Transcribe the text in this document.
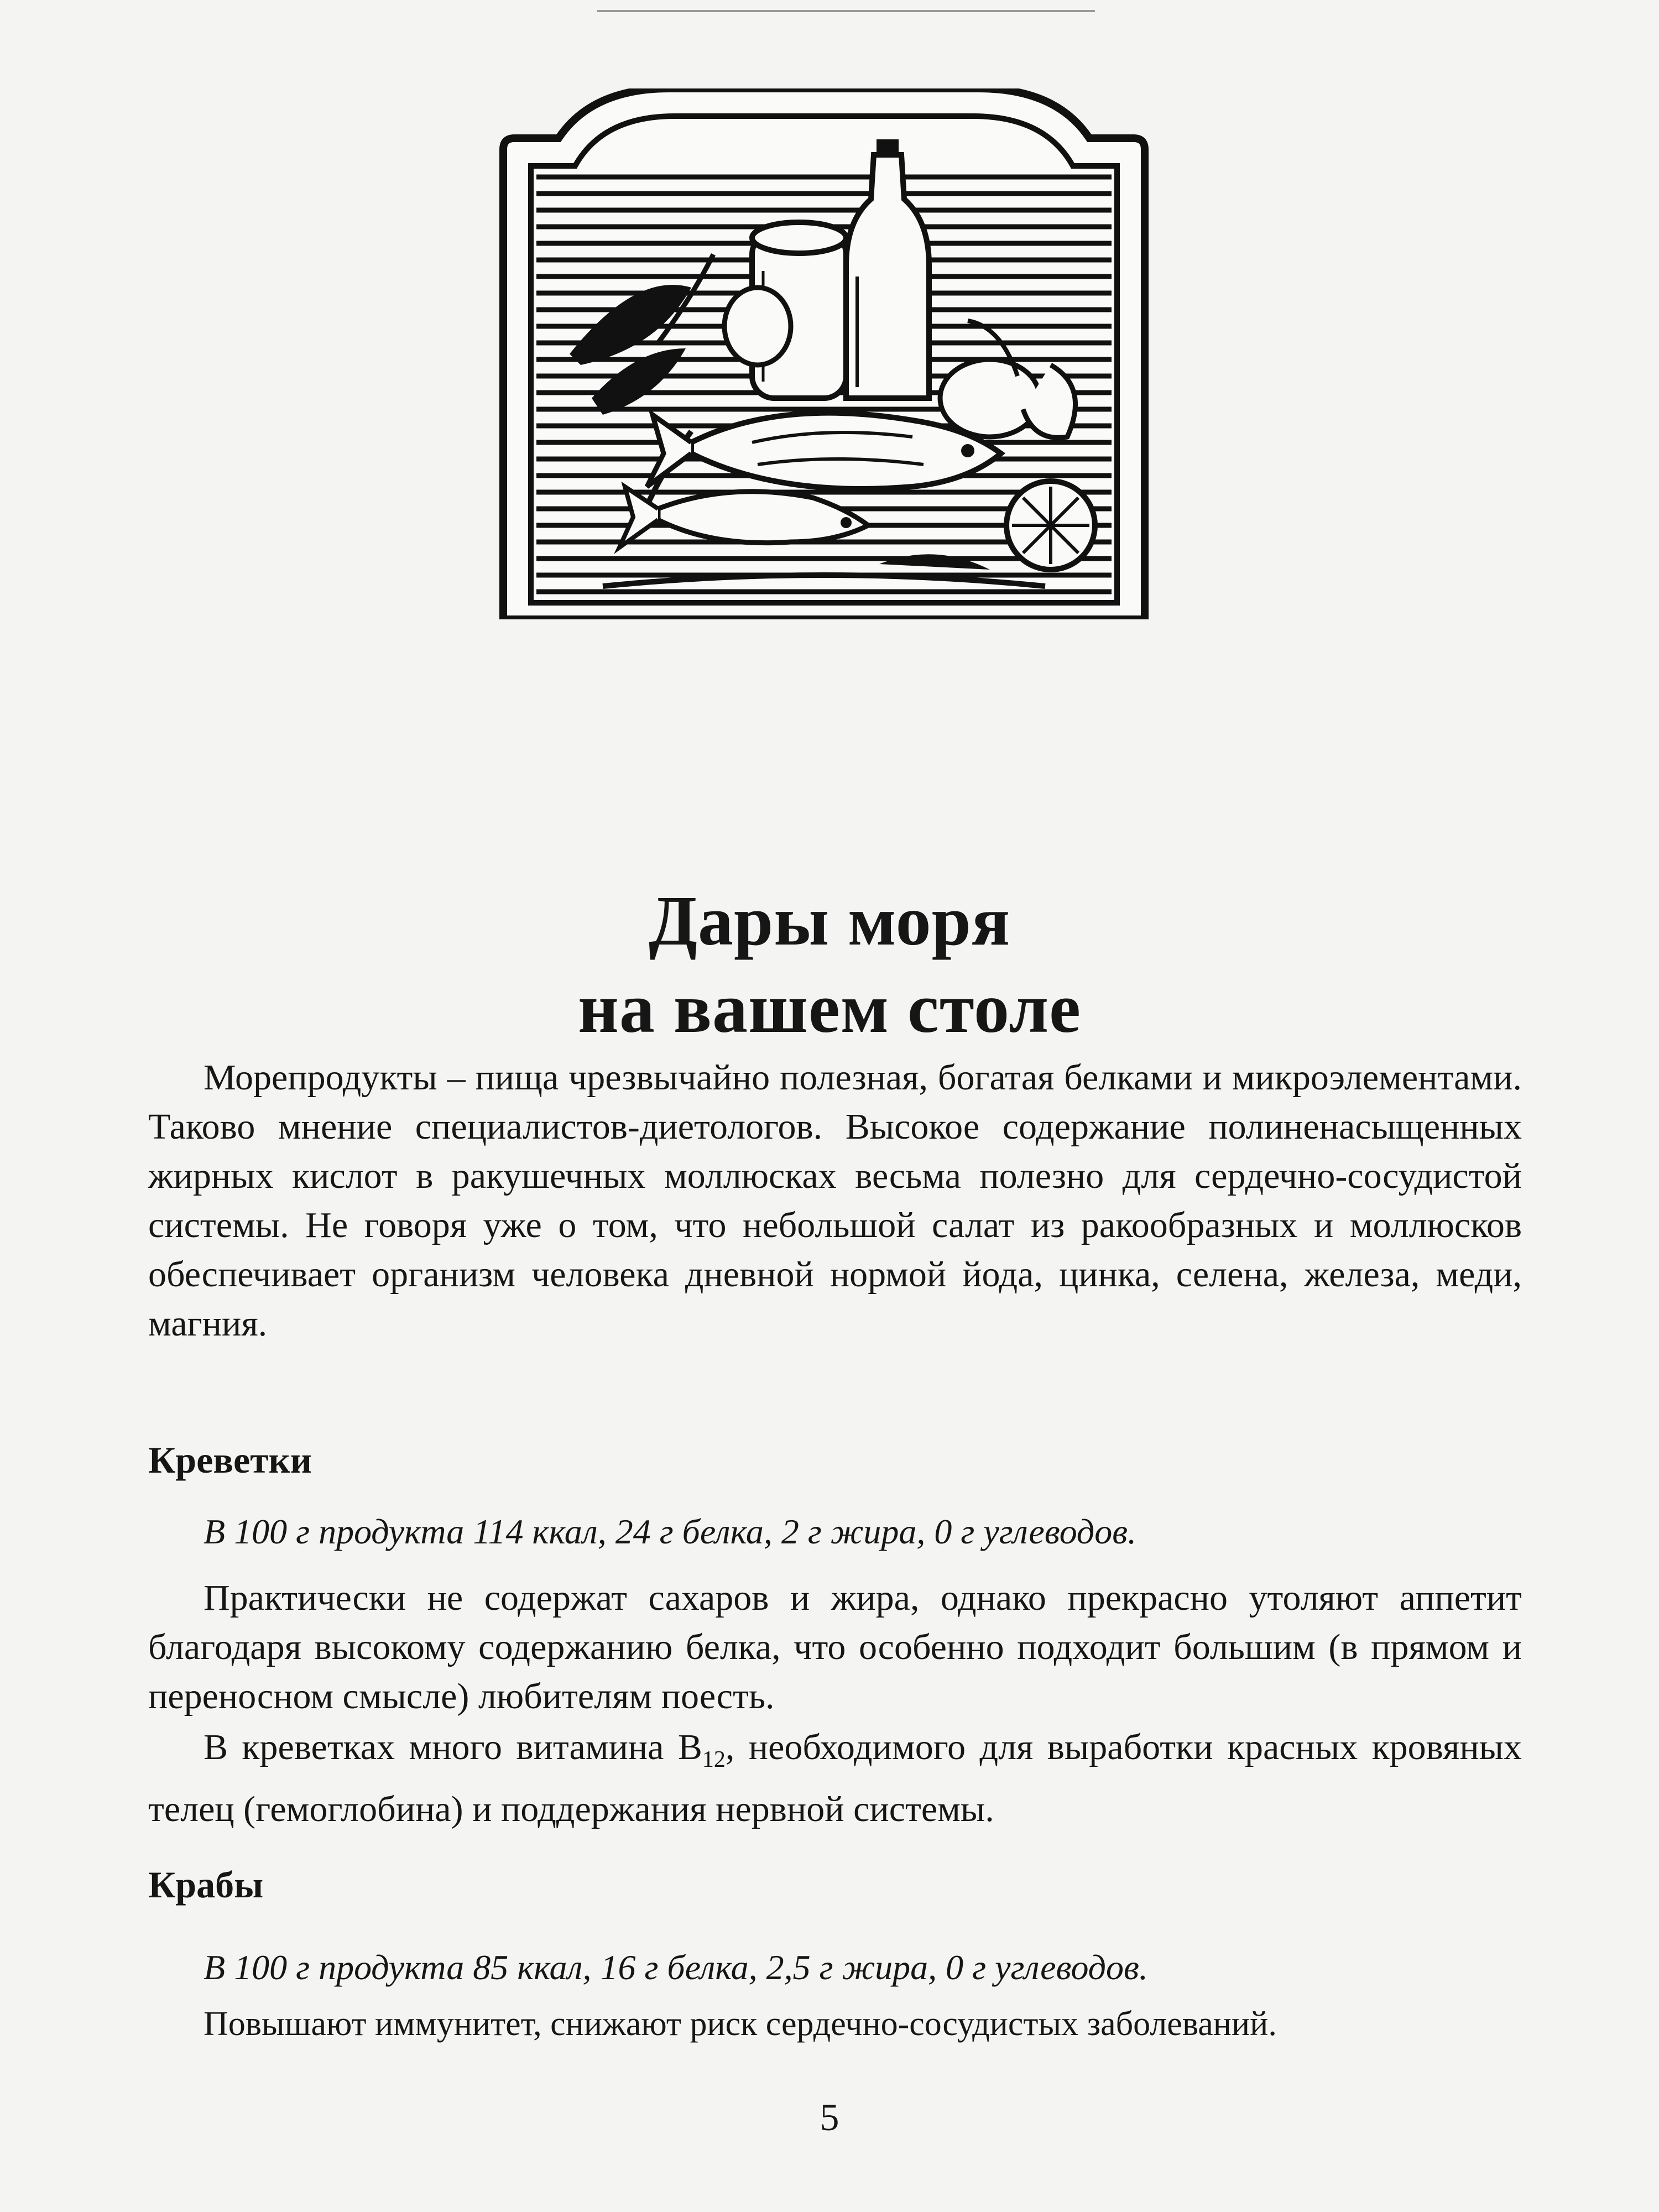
Дары моря
на вашем столе

Морепродукты – пища чрезвычайно полезная, богатая белками и микроэлементами. Таково мнение специалистов-диетологов. Высокое содержание полиненасыщенных жирных кислот в ракушечных моллюсках весьма полезно для сердечно-сосудистой системы. Не говоря уже о том, что небольшой салат из ракообразных и моллюсков обеспечивает организм человека дневной нормой йода, цинка, селена, железа, меди, магния.

Креветки

В 100 г продукта 114 ккал, 24 г белка, 2 г жира, 0 г углеводов.

Практически не содержат сахаров и жира, однако прекрасно утоляют аппетит благодаря высокому содержанию белка, что особенно подходит большим (в прямом и переносном смысле) любителям поесть.

В креветках много витамина $B_{12}$, необходимого для выработки красных кровяных телец (гемоглобина) и поддержания нервной системы.

Крабы

В 100 г продукта 85 ккал, 16 г белка, 2,5 г жира, 0 г углеводов.

Повышают иммунитет, снижают риск сердечно-сосудистых заболеваний.

5
